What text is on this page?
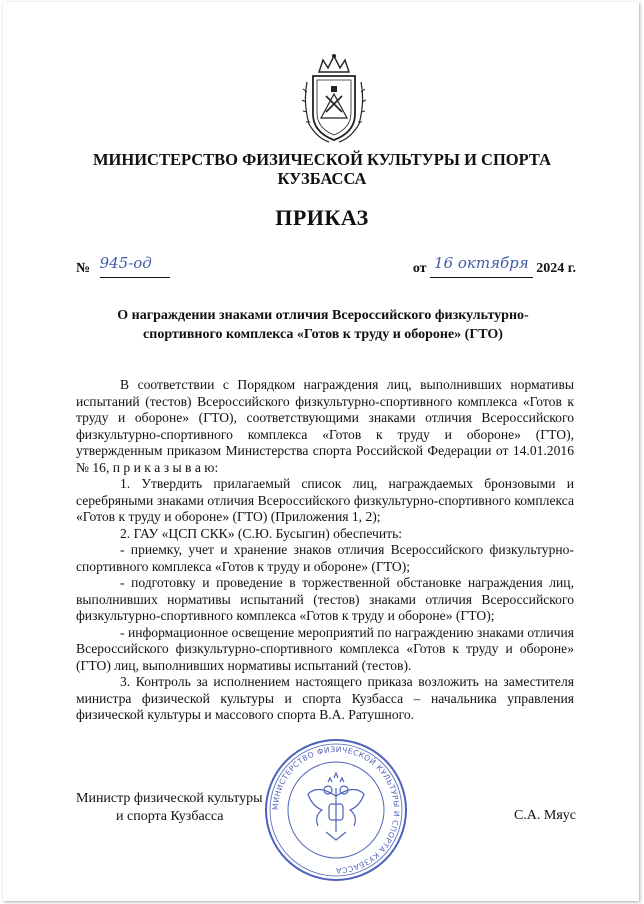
МИНИСТЕРСТВО ФИЗИЧЕСКОЙ КУЛЬТУРЫ И СПОРТА
КУЗБАССА
ПРИКАЗ
№ 945-од	от 16 октября 2024 г.
О награждении знаками отличия Всероссийского физкультурно-
спортивного комплекса «Готов к труду и обороне» (ГТО)

В соответствии с Порядком награждения лиц, выполнивших нормативы испытаний (тестов) Всероссийского физкультурно-спортивного комплекса «Готов к труду и обороне» (ГТО), соответствующими знаками отличия Всероссийского физкультурно-спортивного комплекса «Готов к труду и обороне» (ГТО), утвержденным приказом Министерства спорта Российской Федерации от 14.01.2016 № 16, п р и к а з ы в а ю:

1. Утвердить прилагаемый список лиц, награждаемых бронзовыми и серебряными знаками отличия Всероссийского физкультурно-спортивного комплекса «Готов к труду и обороне» (ГТО) (Приложения 1, 2);

2. ГАУ «ЦСП СКК» (С.Ю. Бусыгин) обеспечить:

- приемку, учет и хранение знаков отличия Всероссийского физкультурно-спортивного комплекса «Готов к труду и обороне» (ГТО);

- подготовку и проведение в торжественной обстановке награждения лиц, выполнивших нормативы испытаний (тестов) знаками отличия Всероссийского физкультурно-спортивного комплекса «Готов к труду и обороне» (ГТО);

- информационное освещение мероприятий по награждению знаками отличия Всероссийского физкультурно-спортивного комплекса «Готов к труду и обороне» (ГТО) лиц, выполнивших нормативы испытаний (тестов).

3. Контроль за исполнением настоящего приказа возложить на заместителя министра физической культуры и спорта Кузбасса – начальника управления физической культуры и массового спорта В.А. Ратушного.

МИНИСТЕРСТВО ФИЗИЧЕСКОЙ КУЛЬТУРЫ И СПОРТА КУЗБАССА
Министр физической культуры
и спорта Кузбасса	С.А. Мяус
